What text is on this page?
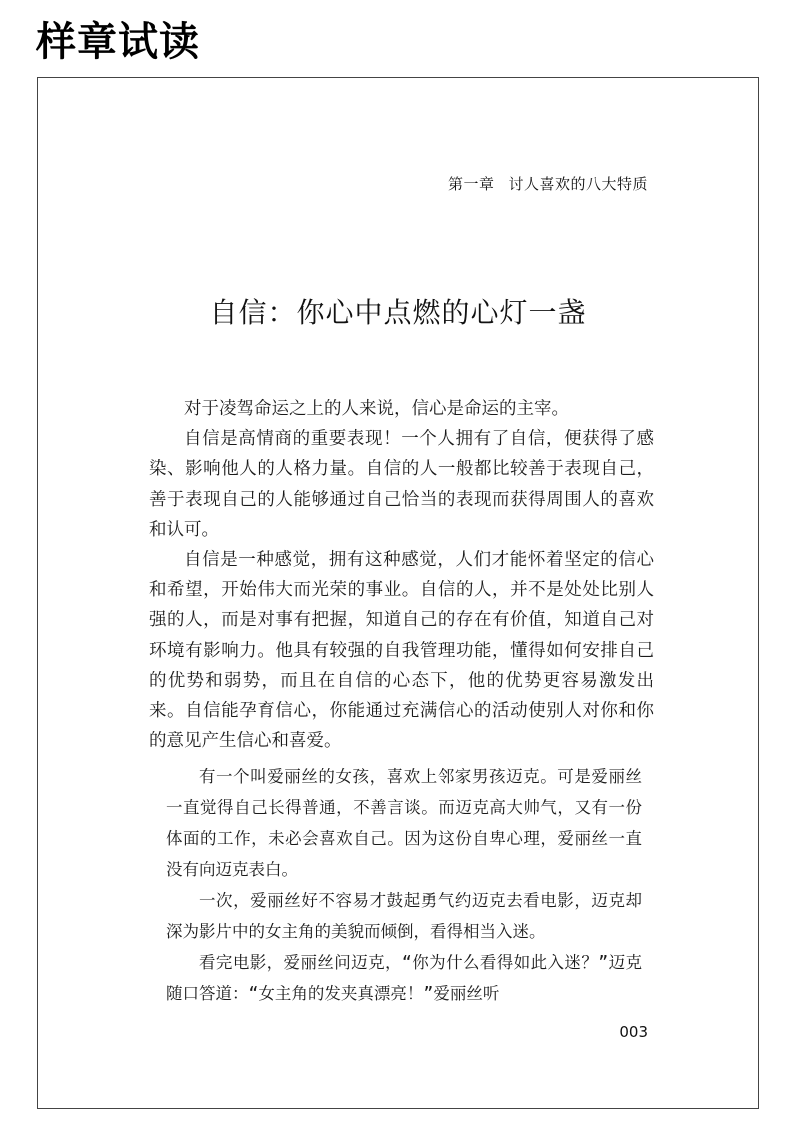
样章试读
第一章 讨人喜欢的八大特质
自信：你心中点燃的心灯一盏

对于凌驾命运之上的人来说，信心是命运的主宰。

自信是高情商的重要表现！一个人拥有了自信，便获得了感染、影响他人的人格力量。自信的人一般都比较善于表现自己，善于表现自己的人能够通过自己恰当的表现而获得周围人的喜欢和认可。

自信是一种感觉，拥有这种感觉，人们才能怀着坚定的信心和希望，开始伟大而光荣的事业。自信的人，并不是处处比别人强的人，而是对事有把握，知道自己的存在有价值，知道自己对环境有影响力。他具有较强的自我管理功能，懂得如何安排自己的优势和弱势，而且在自信的心态下，他的优势更容易激发出来。自信能孕育信心，你能通过充满信心的活动使别人对你和你的意见产生信心和喜爱。

有一个叫爱丽丝的女孩，喜欢上邻家男孩迈克。可是爱丽丝一直觉得自己长得普通，不善言谈。而迈克高大帅气，又有一份体面的工作，未必会喜欢自己。因为这份自卑心理，爱丽丝一直没有向迈克表白。

一次，爱丽丝好不容易才鼓起勇气约迈克去看电影，迈克却深为影片中的女主角的美貌而倾倒，看得相当入迷。

看完电影，爱丽丝问迈克，“你为什么看得如此入迷？”迈克随口答道：“女主角的发夹真漂亮！”爱丽丝听

003
